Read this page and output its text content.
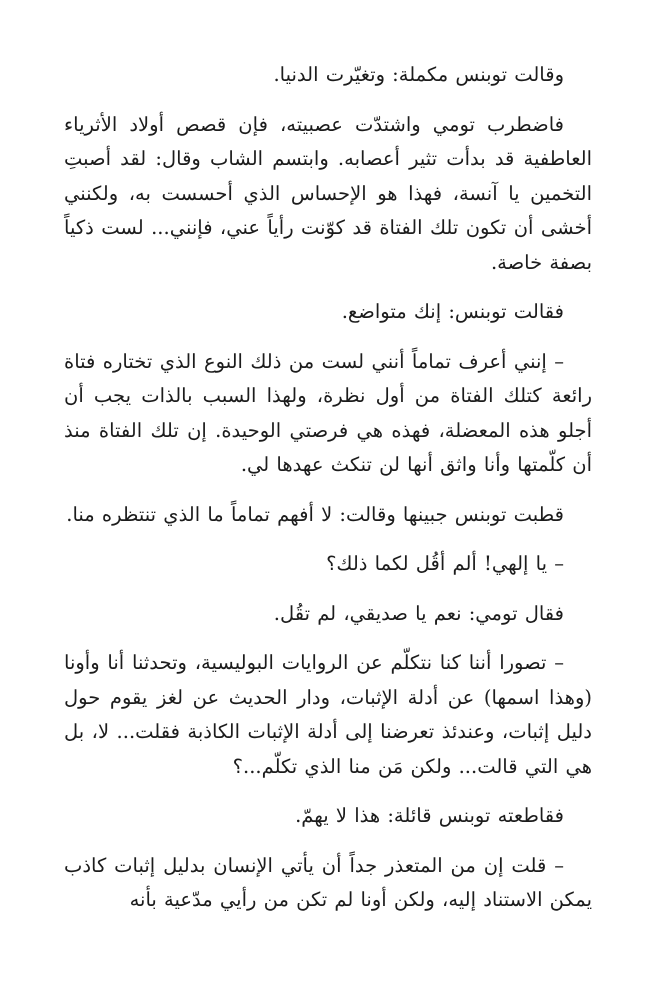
وقالت توبنس مكملة: وتغيّرت الدنيا.

فاضطرب تومي واشتدّت عصبيته، فإن قصص أولاد الأثرياء العاطفية قد بدأت تثير أعصابه. وابتسم الشاب وقال: لقد أصبتِ التخمين يا آنسة، فهذا هو الإحساس الذي أحسست به، ولكنني أخشى أن تكون تلك الفتاة قد كوّنت رأياً عني، فإنني... لست ذكياً بصفة خاصة.

فقالت توبنس: إنك متواضع.

– إنني أعرف تماماً أنني لست من ذلك النوع الذي تختاره فتاة رائعة كتلك الفتاة من أول نظرة، ولهذا السبب بالذات يجب أن أجلو هذه المعضلة، فهذه هي فرصتي الوحيدة. إن تلك الفتاة منذ أن كلّمتها وأنا واثق أنها لن تنكث عهدها لي.

قطبت توبنس جبينها وقالت: لا أفهم تماماً ما الذي تنتظره منا.

– يا إلهي! ألم أقُل لكما ذلك؟

فقال تومي: نعم يا صديقي، لم تقُل.

– تصورا أننا كنا نتكلّم عن الروايات البوليسية، وتحدثنا أنا وأونا (وهذا اسمها) عن أدلة الإثبات، ودار الحديث عن لغز يقوم حول دليل إثبات، وعندئذ تعرضنا إلى أدلة الإثبات الكاذبة فقلت... لا، بل هي التي قالت... ولكن مَن منا الذي تكلّم...؟

فقاطعته توبنس قائلة: هذا لا يهمّ.

– قلت إن من المتعذر جداً أن يأتي الإنسان بدليل إثبات كاذب يمكن الاستناد إليه، ولكن أونا لم تكن من رأيي مدّعية بأنه
